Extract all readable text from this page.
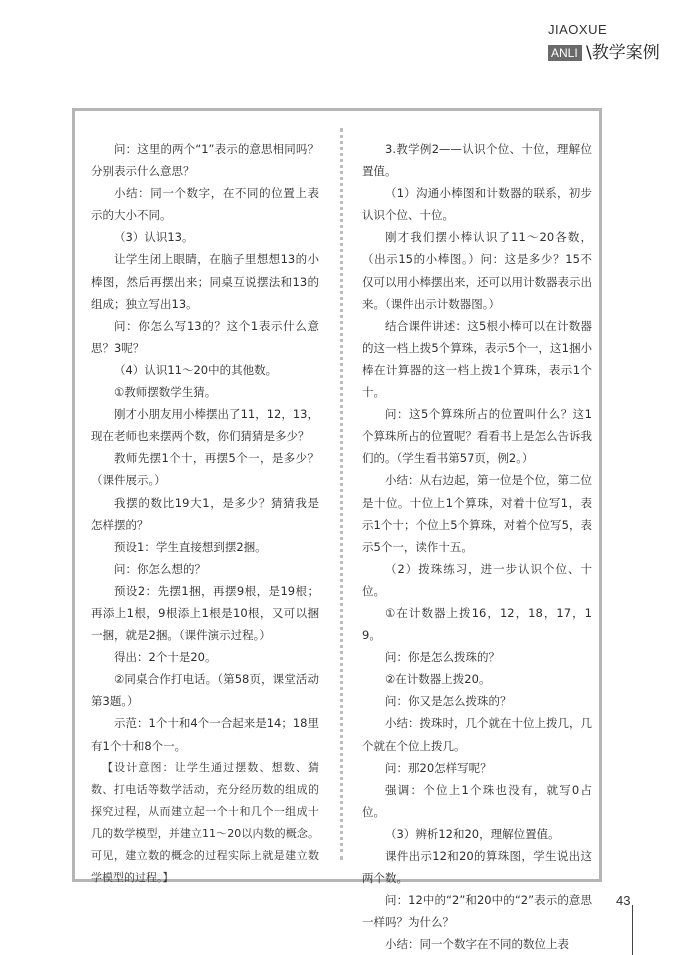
JIAOXUE
ANLI \教学案例

问：这里的两个“1”表示的意思相同吗？分别表示什么意思？

小结：同一个数字，在不同的位置上表示的大小不同。

（3）认识13。

让学生闭上眼睛，在脑子里想想13的小棒图，然后再摆出来；同桌互说摆法和13的组成；独立写出13。

问：你怎么写13的？这个1表示什么意思？3呢？

（4）认识11～20中的其他数。

①教师摆数学生猜。

刚才小朋友用小棒摆出了11，12，13，现在老师也来摆两个数，你们猜猜是多少？

教师先摆1个十，再摆5个一，是多少？（课件展示。）

我摆的数比19大1，是多少？猜猜我是怎样摆的？

预设1：学生直接想到摆2捆。

问：你怎么想的？

预设2：先摆1捆，再摆9根，是19根；再添上1根，9根添上1根是10根，又可以捆一捆，就是2捆。（课件演示过程。）

得出：2个十是20。

②同桌合作打电话。（第58页，课堂活动第3题。）

示范：1个十和4个一合起来是14；18里有1个十和8个一。

【设计意图：让学生通过摆数、想数、猜数、打电话等数学活动，充分经历数的组成的探究过程，从而建立起一个十和几个一组成十几的数学模型，并建立11～20以内数的概念。可见，建立数的概念的过程实际上就是建立数学模型的过程。】

3.教学例2——认识个位、十位，理解位置值。

（1）沟通小棒图和计数器的联系，初步认识个位、十位。

刚才我们摆小棒认识了11～20各数，（出示15的小棒图。）问：这是多少？15不仅可以用小棒摆出来，还可以用计数器表示出来。（课件出示计数器图。）

结合课件讲述：这5根小棒可以在计数器的这一档上拨5个算珠，表示5个一，这1捆小棒在计算器的这一档上拨1个算珠，表示1个十。

问：这5个算珠所占的位置叫什么？这1个算珠所占的位置呢？看看书上是怎么告诉我们的。（学生看书第57页，例2。）

小结：从右边起，第一位是个位，第二位是十位。十位上1个算珠，对着十位写1，表示1个十；个位上5个算珠，对着个位写5，表示5个一，读作十五。

（2）拨珠练习，进一步认识个位、十位。

①在计数器上拨16，12，18，17，19。

问：你是怎么拨珠的？

②在计数器上拨20。

问：你又是怎么拨珠的？

小结：拨珠时，几个就在十位上拨几，几个就在个位上拨几。

问：那20怎样写呢？

强调：个位上1个珠也没有，就写0占位。

（3）辨析12和20，理解位置值。

课件出示12和20的算珠图，学生说出这两个数。

问：12中的“2”和20中的“2”表示的意思一样吗？为什么？

小结：同一个数字在不同的数位上表

43
